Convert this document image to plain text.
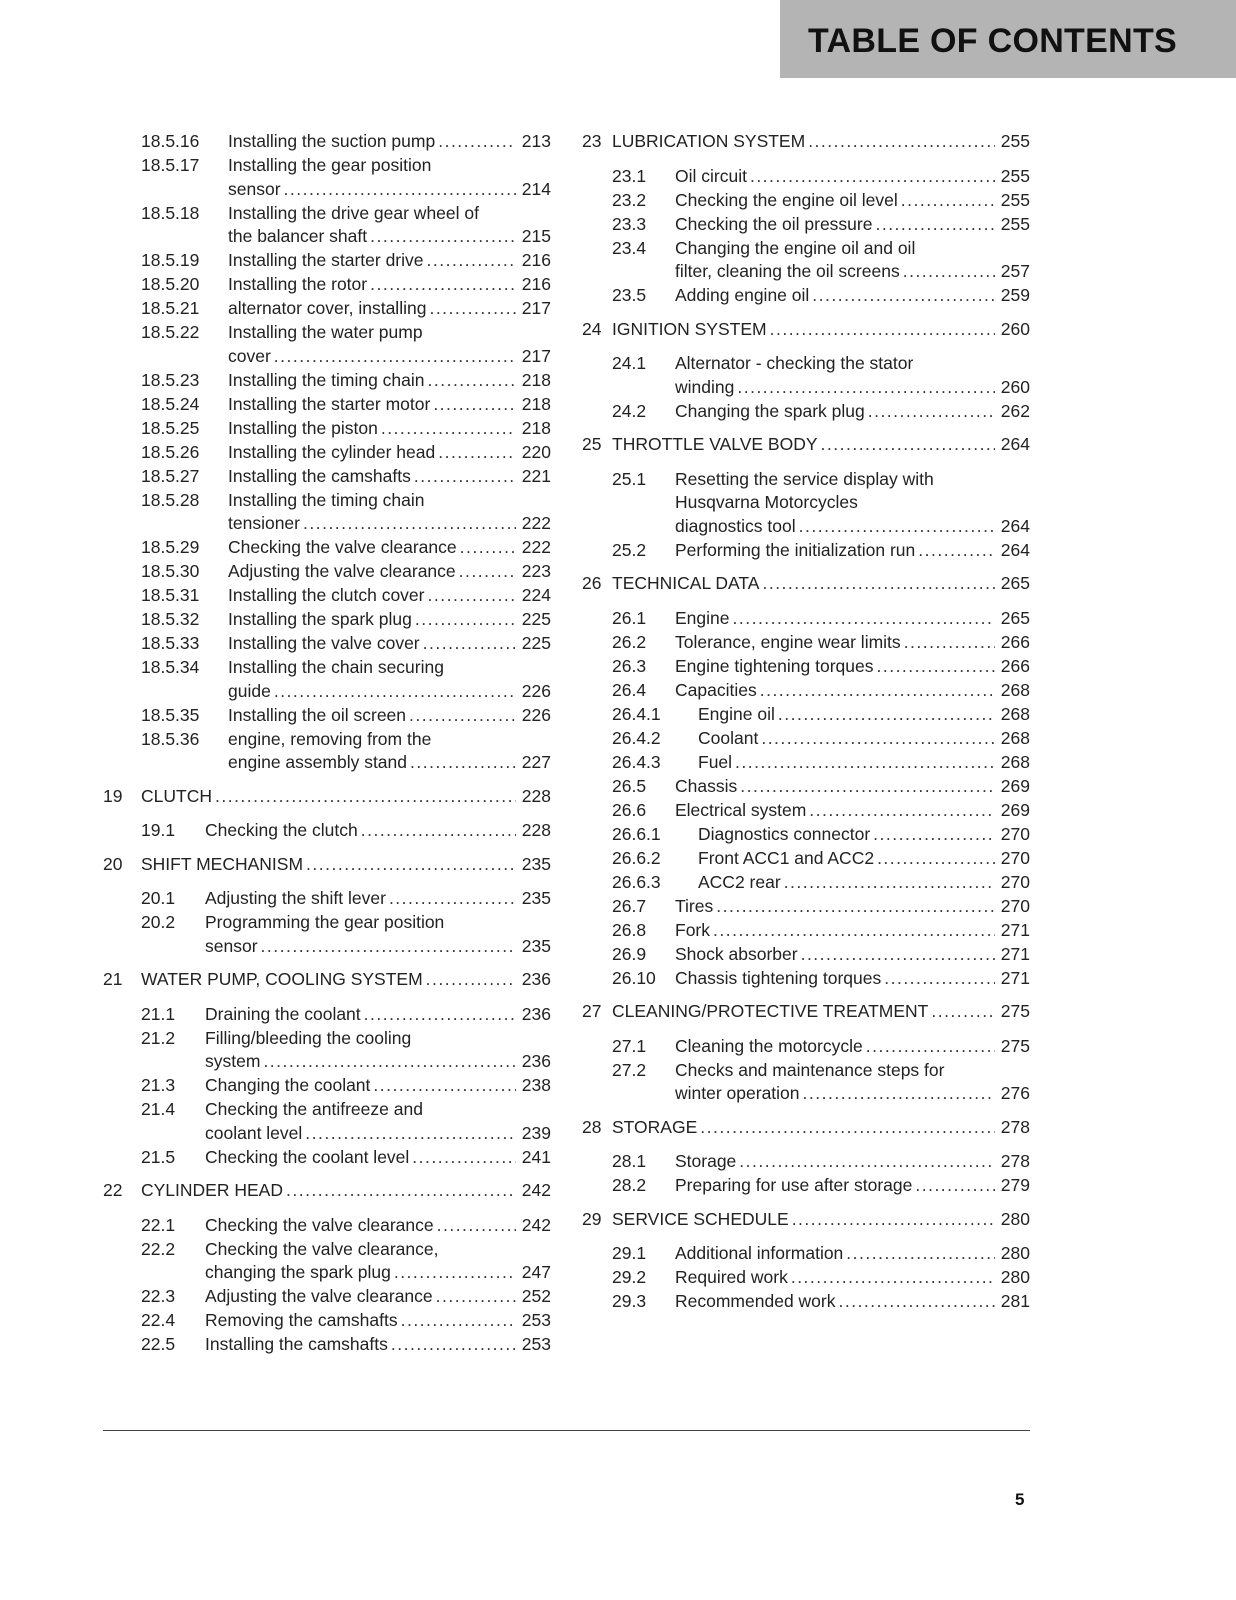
TABLE OF CONTENTS
18.5.16 Installing the suction pump .....	213
18.5.17 Installing the gear position
sensor .....	214
18.5.18 Installing the drive gear wheel of
the balancer shaft .....	215
18.5.19 Installing the starter drive .....	216
18.5.20 Installing the rotor .....	216
18.5.21 alternator cover, installing .....	217
18.5.22 Installing the water pump
cover .....	217
18.5.23 Installing the timing chain .....	218
18.5.24 Installing the starter motor .....	218
18.5.25 Installing the piston .....	218
18.5.26 Installing the cylinder head .....	220
18.5.27 Installing the camshafts .....	221
18.5.28 Installing the timing chain
tensioner .....	222
18.5.29 Checking the valve clearance .....	222
18.5.30 Adjusting the valve clearance .....	223
18.5.31 Installing the clutch cover .....	224
18.5.32 Installing the spark plug .....	225
18.5.33 Installing the valve cover .....	225
18.5.34 Installing the chain securing
guide .....	226
18.5.35 Installing the oil screen .....	226
18.5.36 engine, removing from the
engine assembly stand .....	227
19 CLUTCH .....	228
19.1 Checking the clutch .....	228
20 SHIFT MECHANISM .....	235
20.1 Adjusting the shift lever .....	235
20.2 Programming the gear position
sensor .....	235
21 WATER PUMP, COOLING SYSTEM .....	236
21.1 Draining the coolant .....	236
21.2 Filling/bleeding the cooling
system .....	236
21.3 Changing the coolant .....	238
21.4 Checking the antifreeze and
coolant level .....	239
21.5 Checking the coolant level .....	241
22 CYLINDER HEAD .....	242
22.1 Checking the valve clearance .....	242
22.2 Checking the valve clearance,
changing the spark plug .....	247
22.3 Adjusting the valve clearance .....	252
22.4 Removing the camshafts .....	253
22.5 Installing the camshafts .....	253
23 LUBRICATION SYSTEM .....	255
23.1 Oil circuit .....	255
23.2 Checking the engine oil level .....	255
23.3 Checking the oil pressure .....	255
23.4 Changing the engine oil and oil
filter, cleaning the oil screens .....	257
23.5 Adding engine oil .....	259
24 IGNITION SYSTEM .....	260
24.1 Alternator - checking the stator
winding .....	260
24.2 Changing the spark plug .....	262
25 THROTTLE VALVE BODY .....	264
25.1 Resetting the service display with
Husqvarna Motorcycles
diagnostics tool .....	264
25.2 Performing the initialization run .....	264
26 TECHNICAL DATA .....	265
26.1 Engine .....	265
26.2 Tolerance, engine wear limits .....	266
26.3 Engine tightening torques .....	266
26.4 Capacities .....	268
26.4.1 Engine oil .....	268
26.4.2 Coolant .....	268
26.4.3 Fuel .....	268
26.5 Chassis .....	269
26.6 Electrical system .....	269
26.6.1 Diagnostics connector .....	270
26.6.2 Front ACC1 and ACC2 .....	270
26.6.3 ACC2 rear .....	270
26.7 Tires .....	270
26.8 Fork .....	271
26.9 Shock absorber .....	271
26.10 Chassis tightening torques .....	271
27 CLEANING/PROTECTIVE TREATMENT .....	275
27.1 Cleaning the motorcycle .....	275
27.2 Checks and maintenance steps for
winter operation .....	276
28 STORAGE .....	278
28.1 Storage .....	278
28.2 Preparing for use after storage .....	279
29 SERVICE SCHEDULE .....	280
29.1 Additional information .....	280
29.2 Required work .....	280
29.3 Recommended work .....	281
5
